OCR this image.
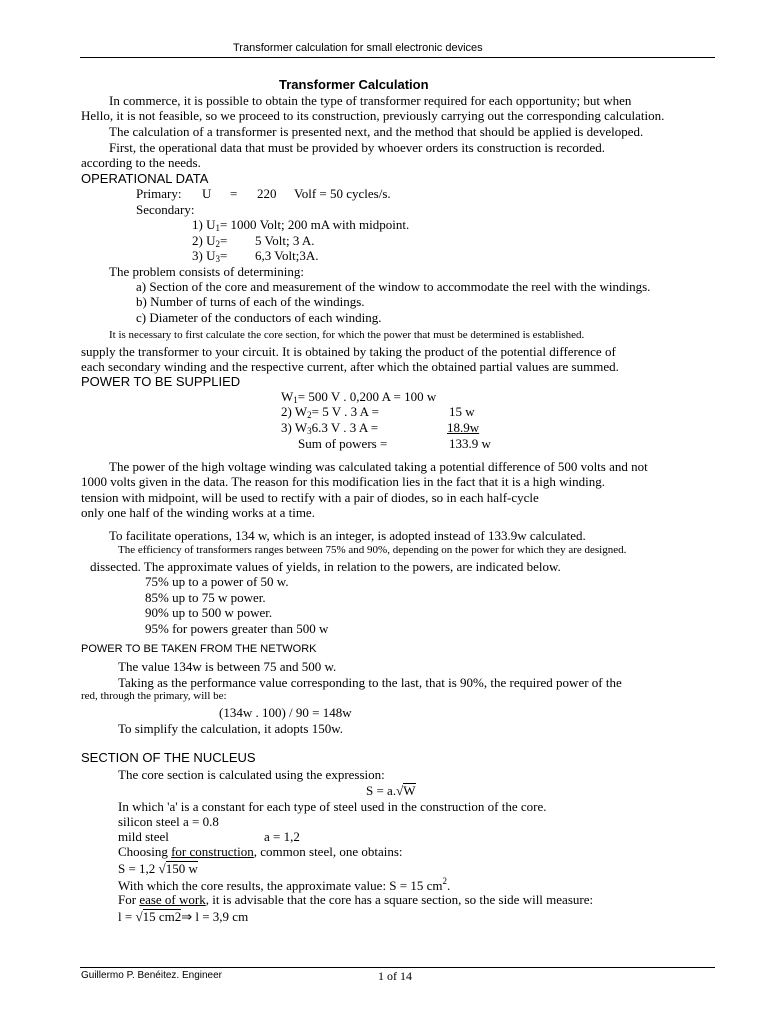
Transformer calculation for small electronic devices
Transformer Calculation
In commerce, it is possible to obtain the type of transformer required for each opportunity; but when
Hello, it is not feasible, so we proceed to its construction, previously carrying out the corresponding calculation.
The calculation of a transformer is presented next, and the method that should be applied is developed.
First, the operational data that must be provided by whoever orders its construction is recorded.
according to the needs.
OPERATIONAL DATA
Primary: U = 220 Volf = 50 cycles/s.
Secondary:
1) $U_1= 1000$ Volt; 200 mA with midpoint.
2) $U_2= 5$ Volt; 3 A.
3) $U_3= 6,3$ Volt;3A.
The problem consists of determining:
a) Section of the core and measurement of the window to accommodate the reel with the windings.
b) Number of turns of each of the windings.
c) Diameter of the conductors of each winding.
It is necessary to first calculate the core section, for which the power that must be determined is established.
supply the transformer to your circuit. It is obtained by taking the product of the potential difference of
each secondary winding and the respective current, after which the obtained partial values are summed.
POWER TO BE SUPPLIED
$W_1= 500$ V . 0,200 A = 100 w
2) $W_2= 5$ V . 3 A =	15 w
3) $W_36.3$ V . 3 A =	18.9w
Sum of powers =	133.9 w
The power of the high voltage winding was calculated taking a potential difference of 500 volts and not
1000 volts given in the data. The reason for this modification lies in the fact that it is a high winding.
tension with midpoint, will be used to rectify with a pair of diodes, so in each half-cycle
only one half of the winding works at a time.
To facilitate operations, 134 w, which is an integer, is adopted instead of 133.9w calculated.
The efficiency of transformers ranges between 75% and 90%, depending on the power for which they are designed.
dissected. The approximate values of yields, in relation to the powers, are indicated below.
75% up to a power of 50 w.
85% up to 75 w power.
90% up to 500 w power.
95% for powers greater than 500 w
POWER TO BE TAKEN FROM THE NETWORK
The value 134w is between 75 and 500 w.
Taking as the performance value corresponding to the last, that is 90%, the required power of the
red, through the primary, will be:
(134w . 100) / 90 = 148w
To simplify the calculation, it adopts 150w.
SECTION OF THE NUCLEUS
The core section is calculated using the expression:
S = a.√W
In which 'a' is a constant for each type of steel used in the construction of the core.
silicon steel a = 0.8
mild steel	a = 1,2
Choosing for construction, common steel, one obtains:
S = 1,2 √150 w
With which the core results, the approximate value: S = 15 $cm^2$.
For ease of work, it is advisable that the core has a square section, so the side will measure:
l = √15 cm2⇒ l = 3,9 cm
Guillermo P. Benéitez. Engineer	1 of 14
